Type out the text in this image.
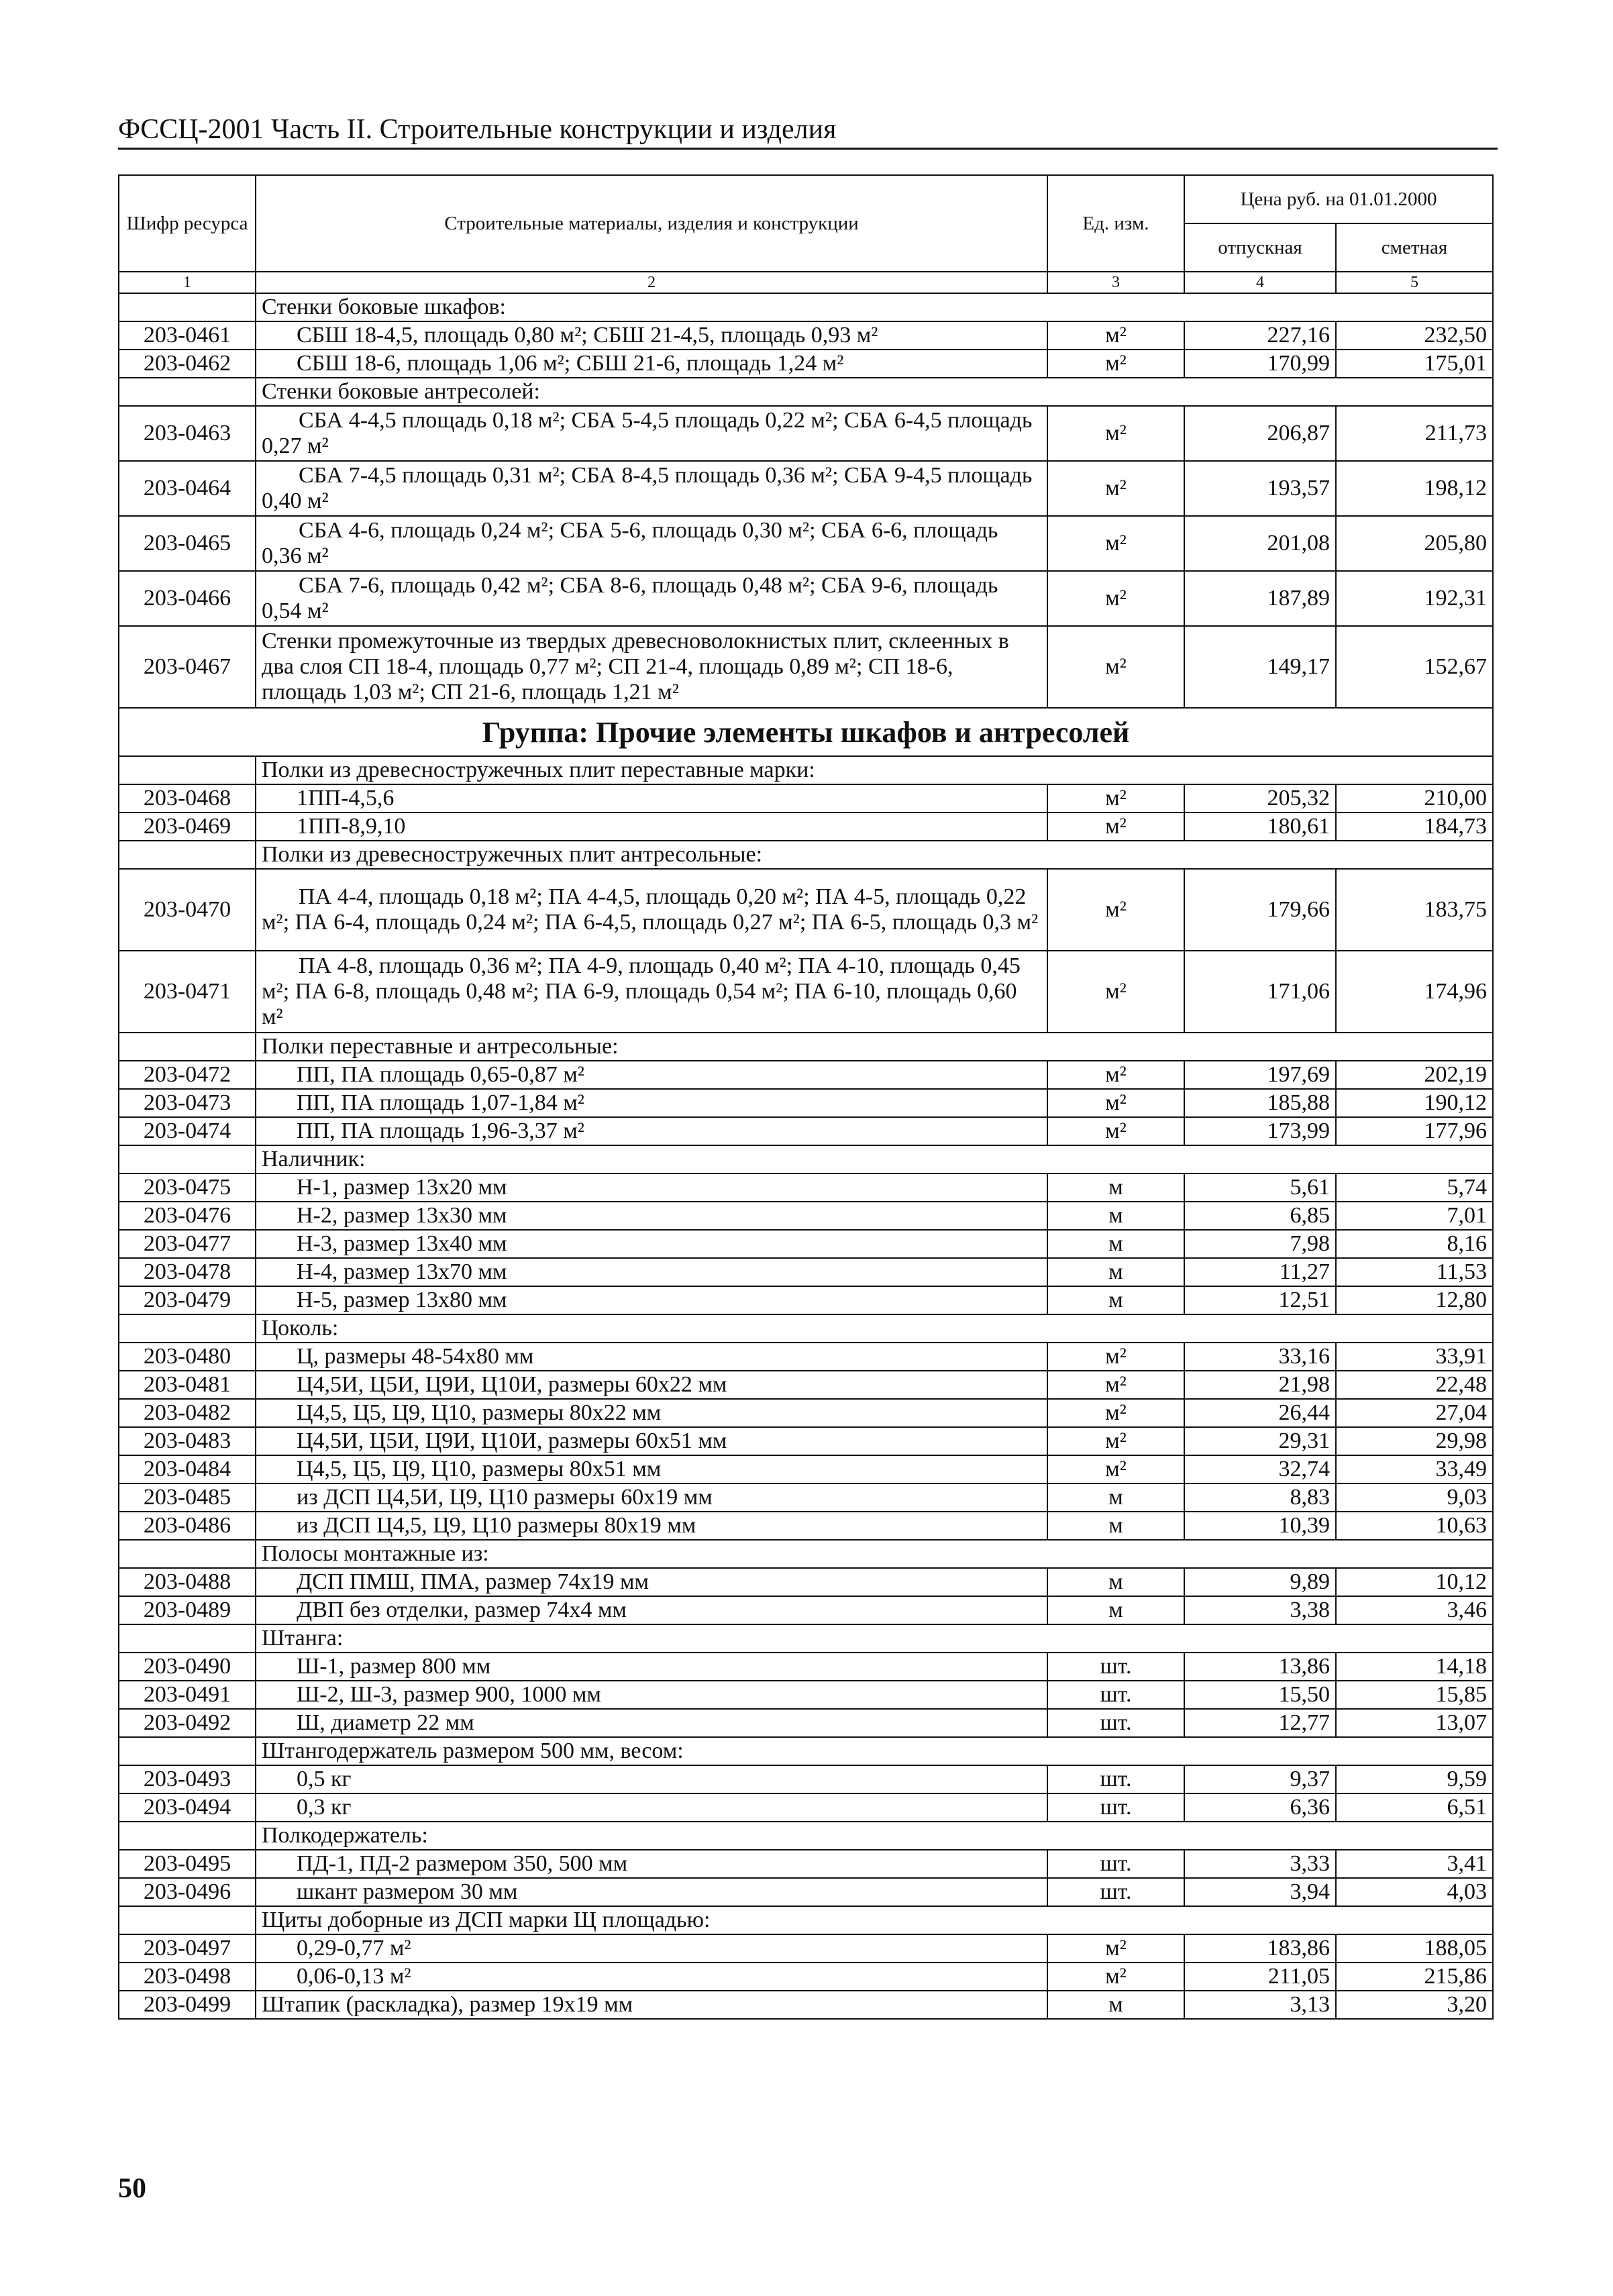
ФССЦ-2001 Часть II. Строительные конструкции и изделия
Шифр ресурса	Строительные материалы, изделия и конструкции	Ед. изм.	Цена руб. на 01.01.2000	
			отпускная	сметная
1	2	3	4	5
	Стенки боковые шкафов:			
203-0461	СБШ 18-4,5, площадь 0,80 м²; СБШ 21-4,5, площадь 0,93 м²	м²	227,16	232,50
203-0462	СБШ 18-6, площадь 1,06 м²; СБШ 21-6, площадь 1,24 м²	м²	170,99	175,01
	Стенки боковые антресолей:			
203-0463	СБА 4-4,5 площадь 0,18 м²; СБА 5-4,5 площадь 0,22 м²; СБА 6-4,5 площадь 0,27 м²	м²	206,87	211,73
203-0464	СБА 7-4,5 площадь 0,31 м²; СБА 8-4,5 площадь 0,36 м²; СБА 9-4,5 площадь 0,40 м²	м²	193,57	198,12
203-0465	СБА 4-6, площадь 0,24 м²; СБА 5-6, площадь 0,30 м²; СБА 6-6, площадь 0,36 м²	м²	201,08	205,80
203-0466	СБА 7-6, площадь 0,42 м²; СБА 8-6, площадь 0,48 м²; СБА 9-6, площадь 0,54 м²	м²	187,89	192,31
203-0467	Стенки промежуточные из твердых древесноволокнистых плит, склеенных в два слоя СП 18-4, площадь 0,77 м²; СП 21-4, площадь 0,89 м²; СП 18-6, площадь 1,03 м²; СП 21-6, площадь 1,21 м²	м²	149,17	152,67
Группа: Прочие элементы шкафов и антресолей				
	Полки из древесностружечных плит переставные марки:			
203-0468	1ПП-4,5,6	м²	205,32	210,00
203-0469	1ПП-8,9,10	м²	180,61	184,73
	Полки из древесностружечных плит антресольные:			
203-0470	ПА 4-4, площадь 0,18 м²; ПА 4-4,5, площадь 0,20 м²; ПА 4-5, площадь 0,22 м²; ПА 6-4, площадь 0,24 м²; ПА 6-4,5, площадь 0,27 м²; ПА 6-5, площадь 0,3 м²	м²	179,66	183,75
203-0471	ПА 4-8, площадь 0,36 м²; ПА 4-9, площадь 0,40 м²; ПА 4-10, площадь 0,45 м²; ПА 6-8, площадь 0,48 м²; ПА 6-9, площадь 0,54 м²; ПА 6-10, площадь 0,60 м²	м²	171,06	174,96
	Полки переставные и антресольные:			
203-0472	ПП, ПА площадь 0,65-0,87 м²	м²	197,69	202,19
203-0473	ПП, ПА площадь 1,07-1,84 м²	м²	185,88	190,12
203-0474	ПП, ПА площадь 1,96-3,37 м²	м²	173,99	177,96
	Наличник:			
203-0475	Н-1, размер 13х20 мм	м	5,61	5,74
203-0476	Н-2, размер 13х30 мм	м	6,85	7,01
203-0477	Н-3, размер 13х40 мм	м	7,98	8,16
203-0478	Н-4, размер 13х70 мм	м	11,27	11,53
203-0479	Н-5, размер 13х80 мм	м	12,51	12,80
	Цоколь:			
203-0480	Ц, размеры 48-54х80 мм	м²	33,16	33,91
203-0481	Ц4,5И, Ц5И, Ц9И, Ц10И, размеры 60х22 мм	м²	21,98	22,48
203-0482	Ц4,5, Ц5, Ц9, Ц10, размеры 80х22 мм	м²	26,44	27,04
203-0483	Ц4,5И, Ц5И, Ц9И, Ц10И, размеры 60х51 мм	м²	29,31	29,98
203-0484	Ц4,5, Ц5, Ц9, Ц10, размеры 80х51 мм	м²	32,74	33,49
203-0485	из ДСП Ц4,5И, Ц9, Ц10 размеры 60х19 мм	м	8,83	9,03
203-0486	из ДСП Ц4,5, Ц9, Ц10 размеры 80х19 мм	м	10,39	10,63
	Полосы монтажные из:			
203-0488	ДСП ПМШ, ПМА, размер 74х19 мм	м	9,89	10,12
203-0489	ДВП без отделки, размер 74х4 мм	м	3,38	3,46
	Штанга:			
203-0490	Ш-1, размер 800 мм	шт.	13,86	14,18
203-0491	Ш-2, Ш-3, размер 900, 1000 мм	шт.	15,50	15,85
203-0492	Ш, диаметр 22 мм	шт.	12,77	13,07
	Штангодержатель размером 500 мм, весом:			
203-0493	0,5 кг	шт.	9,37	9,59
203-0494	0,3 кг	шт.	6,36	6,51
	Полкодержатель:			
203-0495	ПД-1, ПД-2 размером 350, 500 мм	шт.	3,33	3,41
203-0496	шкант размером 30 мм	шт.	3,94	4,03
	Щиты доборные из ДСП марки Щ площадью:			
203-0497	0,29-0,77 м²	м²	183,86	188,05
203-0498	0,06-0,13 м²	м²	211,05	215,86
203-0499	Штапик (раскладка), размер 19х19 мм	м	3,13	3,20
50
